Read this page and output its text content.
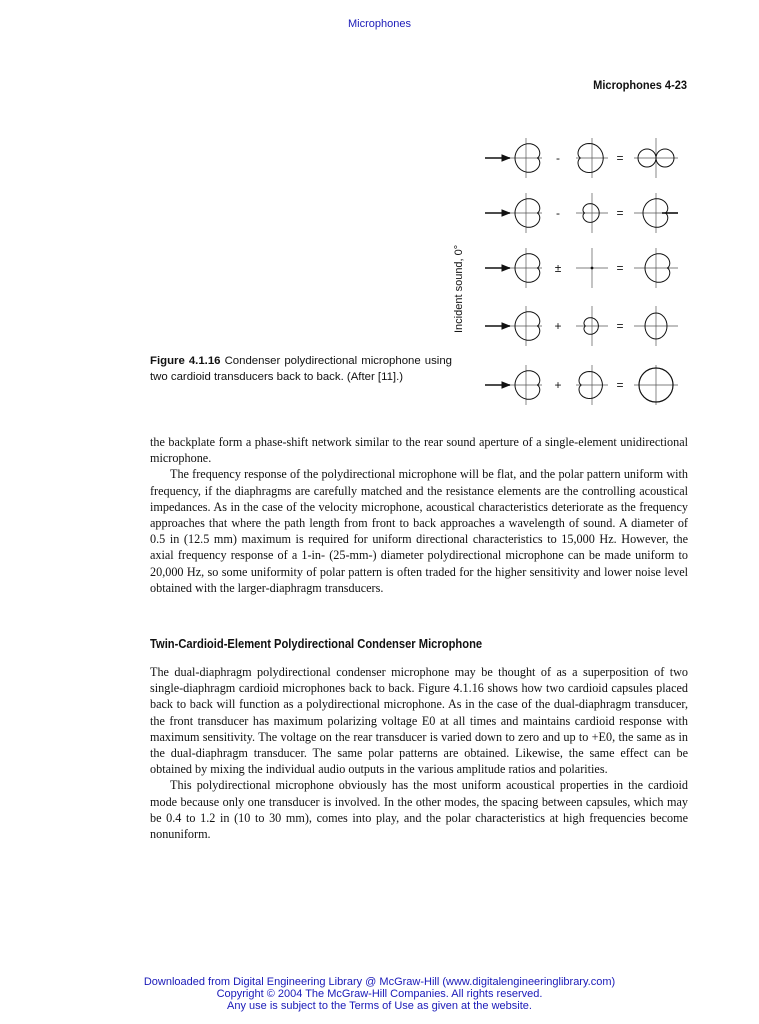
Microphones
Microphones 4-23
Incident sound, 0°
-	=
-	=
±	=
+	=
+	=
Figure 4.1.16 Condenser polydirectional microphone using two cardioid transducers back to back. (After [11].)

the backplate form a phase-shift network similar to the rear sound aperture of a single-element unidirectional microphone.

The frequency response of the polydirectional microphone will be flat, and the polar pattern uniform with frequency, if the diaphragms are carefully matched and the resistance elements are the controlling acoustical impedances. As in the case of the velocity microphone, acoustical characteristics deteriorate as the frequency approaches that where the path length from front to back approaches a wavelength of sound. A diameter of 0.5 in (12.5 mm) maximum is required for uniform directional characteristics to 15,000 Hz. However, the axial frequency response of a 1-in- (25-mm-) diameter polydirectional microphone can be made uniform to 20,000 Hz, so some uniformity of polar pattern is often traded for the higher sensitivity and lower noise level obtained with the larger-diaphragm transducers.

Twin-Cardioid-Element Polydirectional Condenser Microphone

The dual-diaphragm polydirectional condenser microphone may be thought of as a superposition of two single-diaphragm cardioid microphones back to back. Figure 4.1.16 shows how two cardioid capsules placed back to back will function as a polydirectional microphone. As in the case of the dual-diaphragm transducer, the front transducer has maximum polarizing voltage E0 at all times and maintains cardioid response with maximum sensitivity. The voltage on the rear transducer is varied down to zero and up to +E0, the same as in the dual-diaphragm transducer. The same polar patterns are obtained. Likewise, the same effect can be obtained by mixing the individual audio outputs in the various amplitude ratios and polarities.

This polydirectional microphone obviously has the most uniform acoustical properties in the cardioid mode because only one transducer is involved. In the other modes, the spacing between capsules, which may be 0.4 to 1.2 in (10 to 30 mm), comes into play, and the polar characteristics at high frequencies become nonuniform.

Downloaded from Digital Engineering Library @ McGraw-Hill (www.digitalengineeringlibrary.com)
Copyright © 2004 The McGraw-Hill Companies. All rights reserved.
Any use is subject to the Terms of Use as given at the website.
